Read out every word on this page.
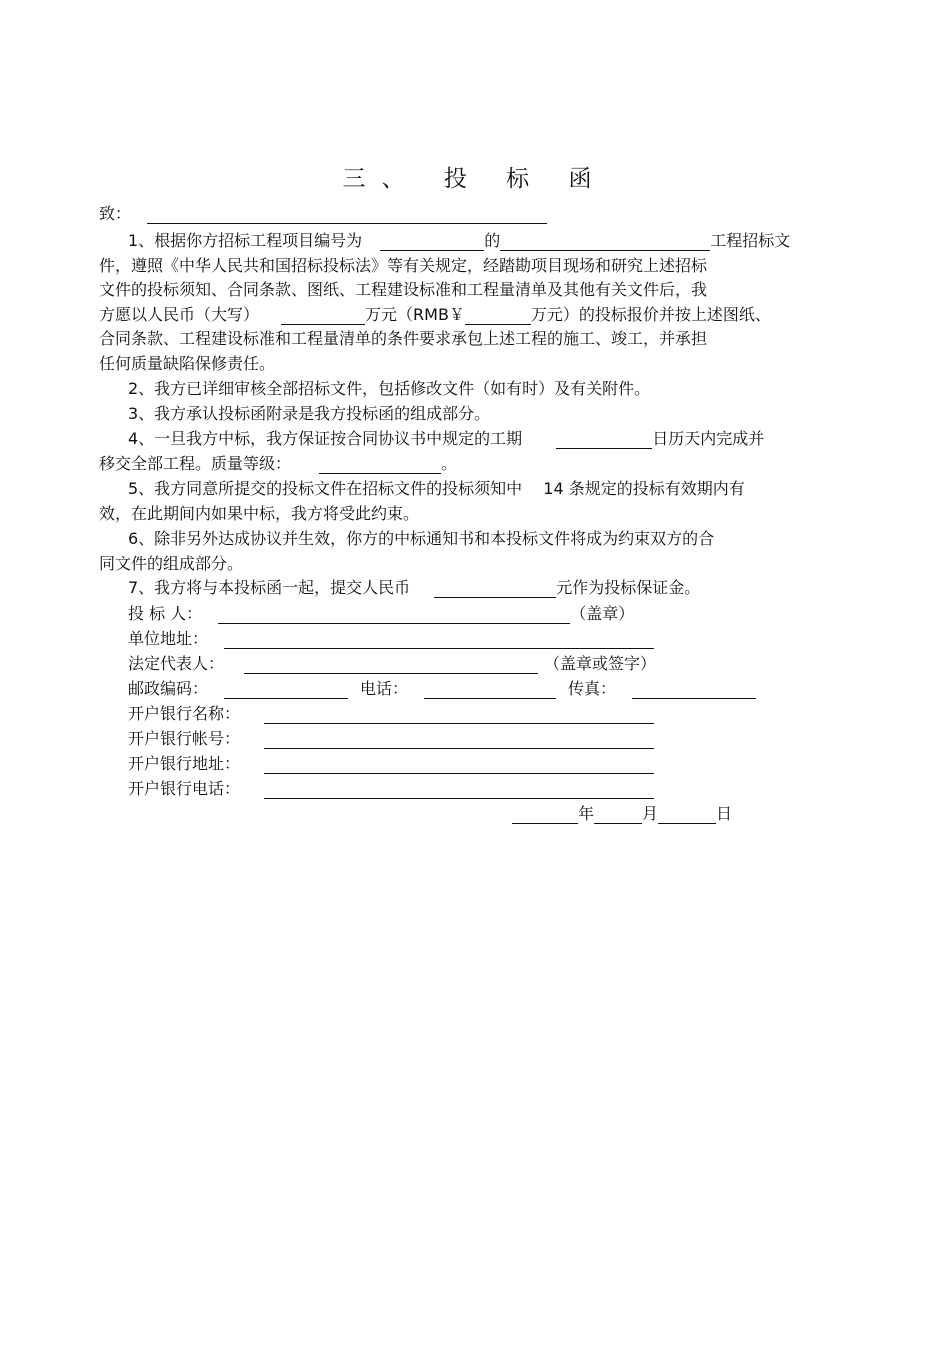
三、 投 标 函
致：
1、根据你方招标工程项目编号为	的	工程招标文
件，遵照《中华人民共和国招标投标法》等有关规定，经踏勘项目现场和研究上述招标
文件的投标须知、合同条款、图纸、工程建设标准和工程量清单及其他有关文件后，我
方愿以人民币（大写）	万元（RMB￥	万元）的投标报价并按上述图纸、
合同条款、工程建设标准和工程量清单的条件要求承包上述工程的施工、竣工，并承担
任何质量缺陷保修责任。
2、我方已详细审核全部招标文件，包括修改文件（如有时）及有关附件。
3、我方承认投标函附录是我方投标函的组成部分。
4、一旦我方中标，我方保证按合同协议书中规定的工期	日历天内完成并
移交全部工程。质量等级：	。
5、我方同意所提交的投标文件在招标文件的投标须知中　 14 条规定的投标有效期内有
效，在此期间内如果中标，我方将受此约束。
6、除非另外达成协议并生效，你方的中标通知书和本投标文件将成为约束双方的合
同文件的组成部分。
7、我方将与本投标函一起，提交人民币	元作为投标保证金。
投 标 人：	（盖章）
单位地址：
法定代表人：	（盖章或签字）
邮政编码：	电话：	传真：
开户银行名称：
开户银行帐号：
开户银行地址：
开户银行电话：
年	月	日
